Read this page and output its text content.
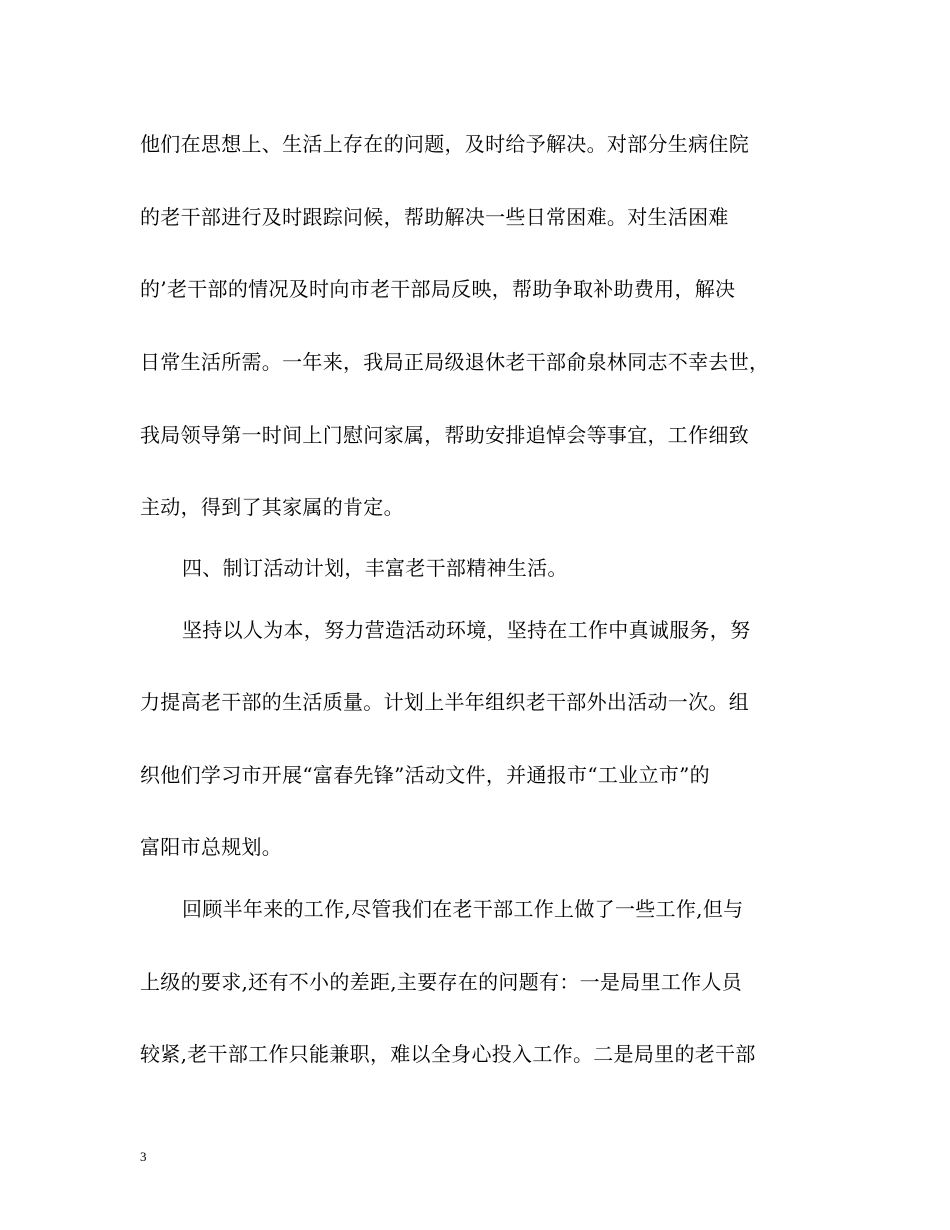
他们在思想上、生活上存在的问题，及时给予解决。对部分生病住院
的老干部进行及时跟踪问候，帮助解决一些日常困难。对生活困难
的’老干部的情况及时向市老干部局反映，帮助争取补助费用，解决
日常生活所需。一年来，我局正局级退休老干部俞泉林同志不幸去世，
我局领导第一时间上门慰问家属，帮助安排追悼会等事宜，工作细致
主动，得到了其家属的肯定。
四、制订活动计划，丰富老干部精神生活。
坚持以人为本，努力营造活动环境，坚持在工作中真诚服务，努
力提高老干部的生活质量。计划上半年组织老干部外出活动一次。组
织他们学习市开展“富春先锋”活动文件，并通报市“工业立市”的
富阳市总规划。
回顾半年来的工作,尽管我们在老干部工作上做了一些工作,但与
上级的要求,还有不小的差距,主要存在的问题有：一是局里工作人员
较紧,老干部工作只能兼职，难以全身心投入工作。二是局里的老干部
3
